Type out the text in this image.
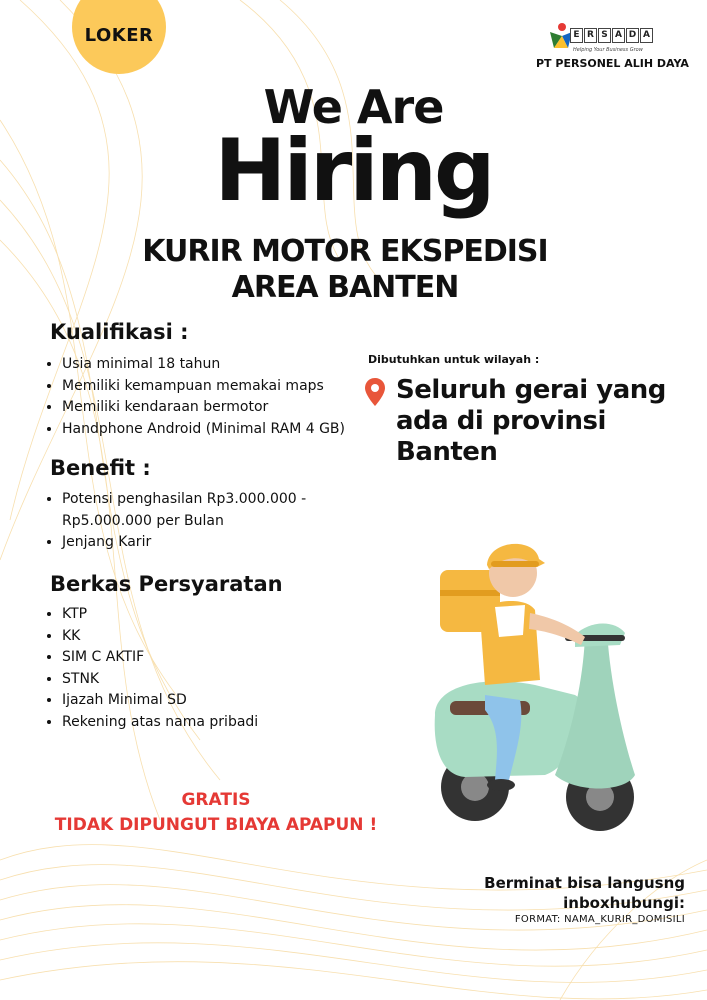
LOKER	E R S A D A
Helping Your Business Grow
PT PERSONEL ALIH DAYA
We Are
Hiring
KURIR MOTOR EKSPEDISI
AREA BANTEN
Kualifikasi :
• Usia minimal 18 tahun
• Memiliki kemampuan memakai maps
• Memiliki kendaraan bermotor
• Handphone Android (Minimal RAM 4 GB)
Benefit :
• Potensi penghasilan Rp3.000.000 - Rp5.000.000 per Bulan
• Jenjang Karir
Berkas Persyaratan
• KTP
• KK
• SIM C AKTIF
• STNK
• Ijazah Minimal SD
• Rekening atas nama pribadi
Dibutuhkan untuk wilayah :
Seluruh gerai yang
ada di provinsi
Banten
GRATIS
TIDAK DIPUNGUT BIAYA APAPUN !
Berminat bisa langusng
inboxhubungi:
FORMAT: NAMA_KURIR_DOMISILI
